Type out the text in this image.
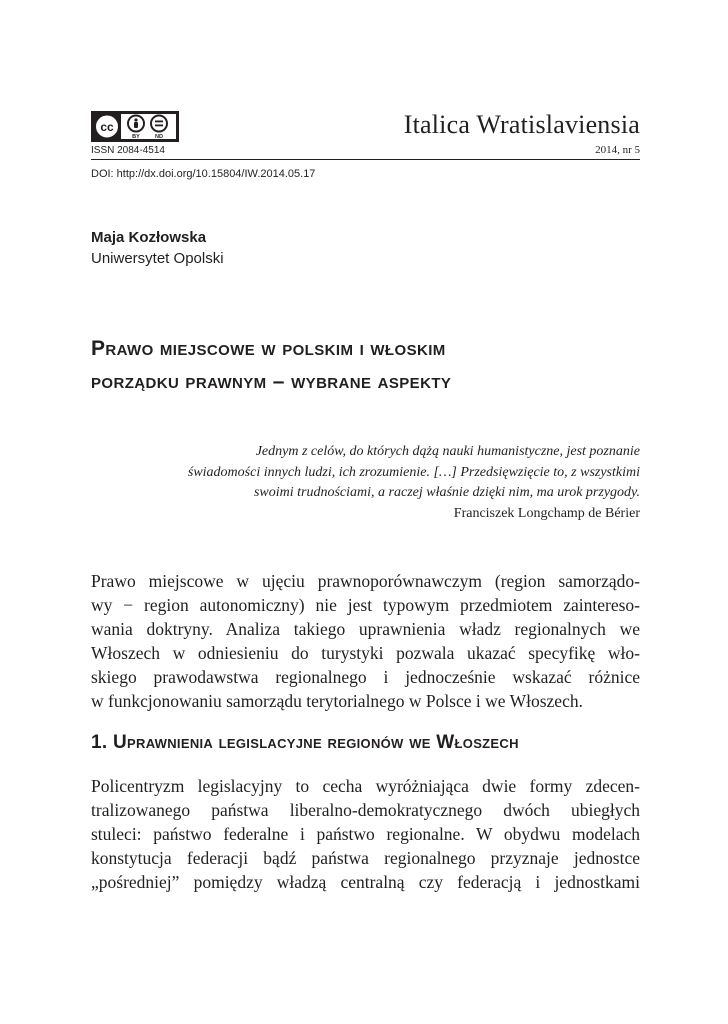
cc
BY	ND	Italica Wratislaviensia
ISSN 2084-4514	2014, nr 5
DOI: http://dx.doi.org/10.15804/IW.2014.05.17
Maja Kozłowska
Uniwersytet Opolski
Prawo miejscowe w polskim i włoskim
porządku prawnym – wybrane aspekty
Jednym z celów, do których dążą nauki humanistyczne, jest poznanie
świadomości innych ludzi, ich zrozumienie. […] Przedsięwzięcie to, z wszystkimi
swoimi trudnościami, a raczej właśnie dzięki nim, ma urok przygody.
Franciszek Longchamp de Bérier
Prawo miejscowe w ujęciu prawnoporównawczym (region samorządo-
wy − region autonomiczny) nie jest typowym przedmiotem zaintereso-
wania doktryny. Analiza takiego uprawnienia władz regionalnych we
Włoszech w odniesieniu do turystyki pozwala ukazać specyfikę wło-
skiego prawodawstwa regionalnego i jednocześnie wskazać różnice
w funkcjonowaniu samorządu terytorialnego w Polsce i we Włoszech.
1. Uprawnienia legislacyjne regionów we Włoszech
Policentryzm legislacyjny to cecha wyróżniająca dwie formy zdecen-
tralizowanego państwa liberalno-demokratycznego dwóch ubiegłych
stuleci: państwo federalne i państwo regionalne. W obydwu modelach
konstytucja federacji bądź państwa regionalnego przyznaje jednostce
„pośredniej” pomiędzy władzą centralną czy federacją i jednostkami
